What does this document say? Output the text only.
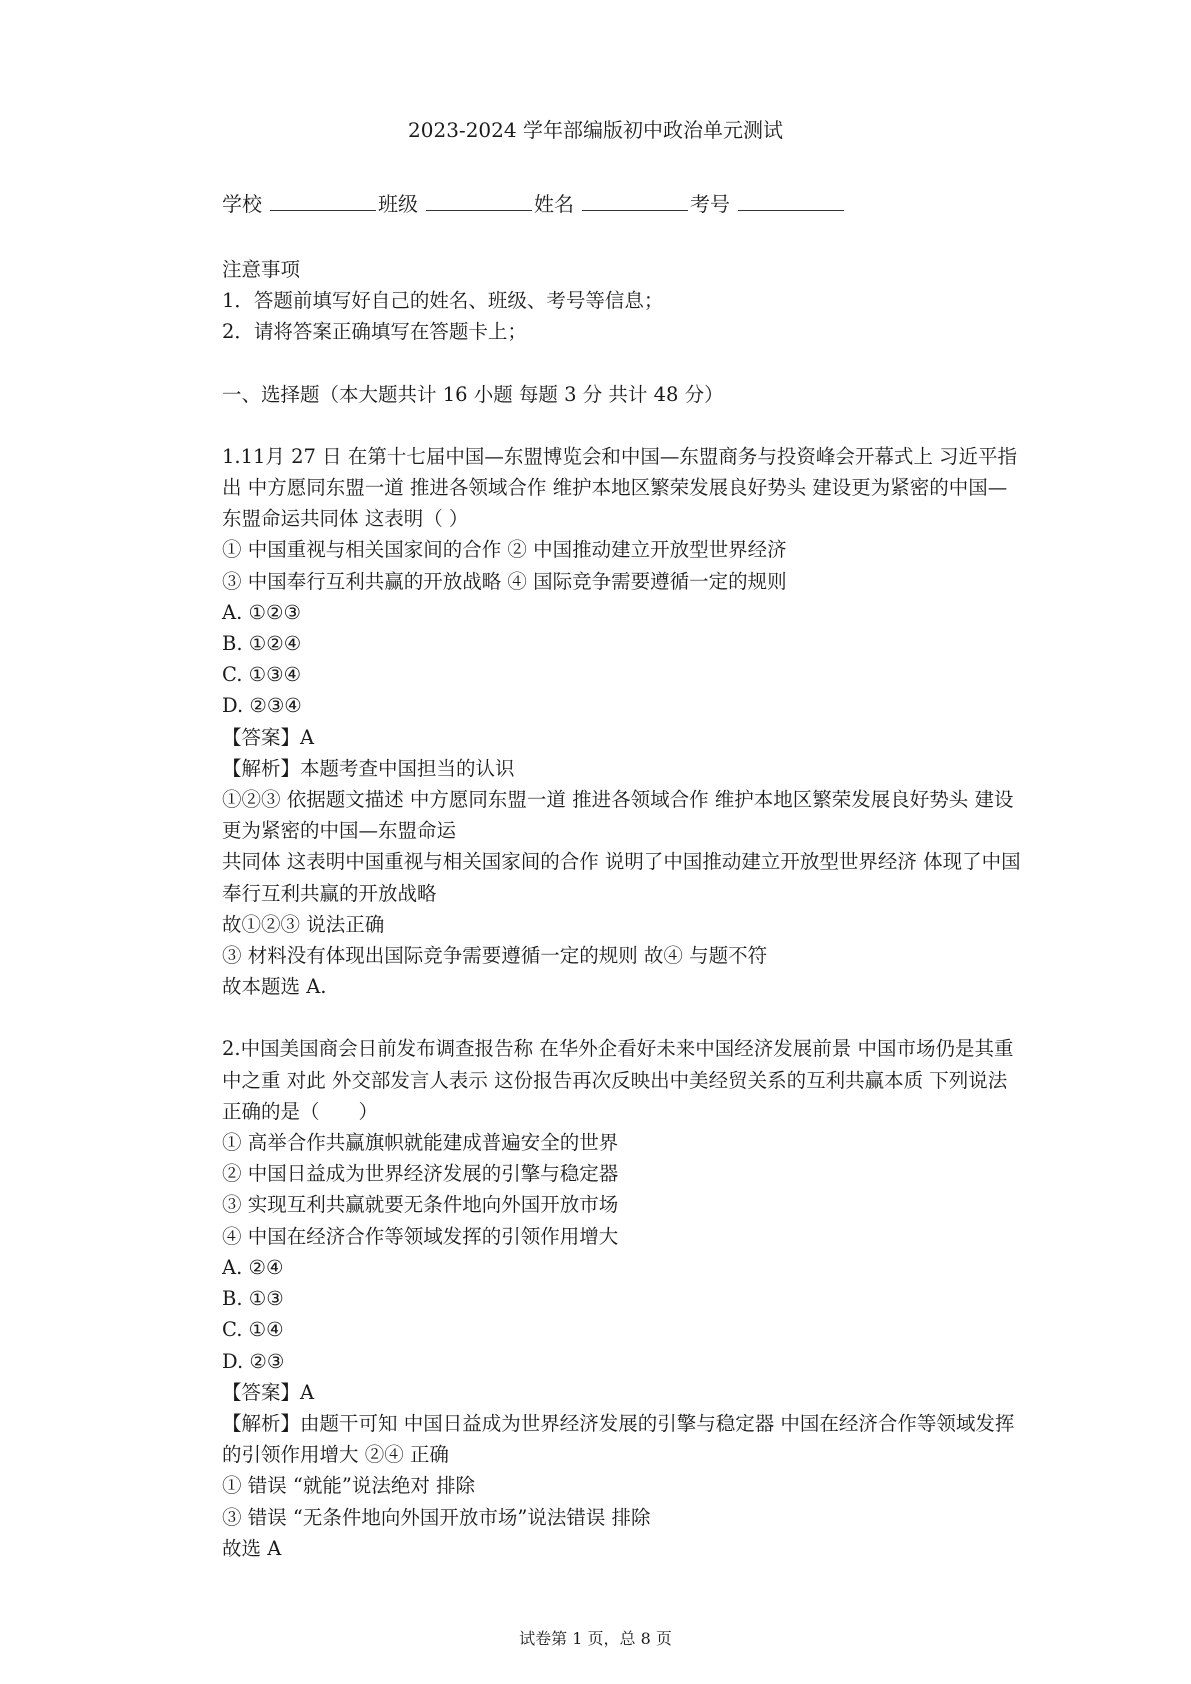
2023-2024 学年部编版初中政治单元测试
学校	班级	姓名	考号
注意事项
1．答题前填写好自己的姓名、班级、考号等信息；
2．请将答案正确填写在答题卡上；
一、选择题（本大题共计 16 小题 每题 3 分 共计 48 分）
1.11月 27 日 在第十七届中国—东盟博览会和中国—东盟商务与投资峰会开幕式上 习近平指出 中方愿同东盟一道 推进各领域合作 维护本地区繁荣发展良好势头 建设更为紧密的中国—东盟命运共同体 这表明（ ）
① 中国重视与相关国家间的合作 ② 中国推动建立开放型世界经济
③ 中国奉行互利共赢的开放战略 ④ 国际竞争需要遵循一定的规则
A. ①②③
B. ①②④
C. ①③④
D. ②③④
【答案】A
【解析】本题考查中国担当的认识
①②③ 依据题文描述 中方愿同东盟一道 推进各领域合作 维护本地区繁荣发展良好势头 建设更为紧密的中国—东盟命运
共同体 这表明中国重视与相关国家间的合作 说明了中国推动建立开放型世界经济 体现了中国奉行互利共赢的开放战略
故①②③ 说法正确
③ 材料没有体现出国际竞争需要遵循一定的规则 故④ 与题不符
故本题选 A.
2.中国美国商会日前发布调查报告称 在华外企看好未来中国经济发展前景 中国市场仍是其重中之重 对此 外交部发言人表示 这份报告再次反映出中美经贸关系的互利共赢本质 下列说法正确的是（　　）
① 高举合作共赢旗帜就能建成普遍安全的世界
② 中国日益成为世界经济发展的引擎与稳定器
③ 实现互利共赢就要无条件地向外国开放市场
④ 中国在经济合作等领域发挥的引领作用增大
A. ②④
B. ①③
C. ①④
D. ②③
【答案】A
【解析】由题干可知 中国日益成为世界经济发展的引擎与稳定器 中国在经济合作等领域发挥的引领作用增大 ②④ 正确
① 错误 “就能”说法绝对 排除
③ 错误 “无条件地向外国开放市场”说法错误 排除
故选 A
试卷第 1 页，总 8 页
